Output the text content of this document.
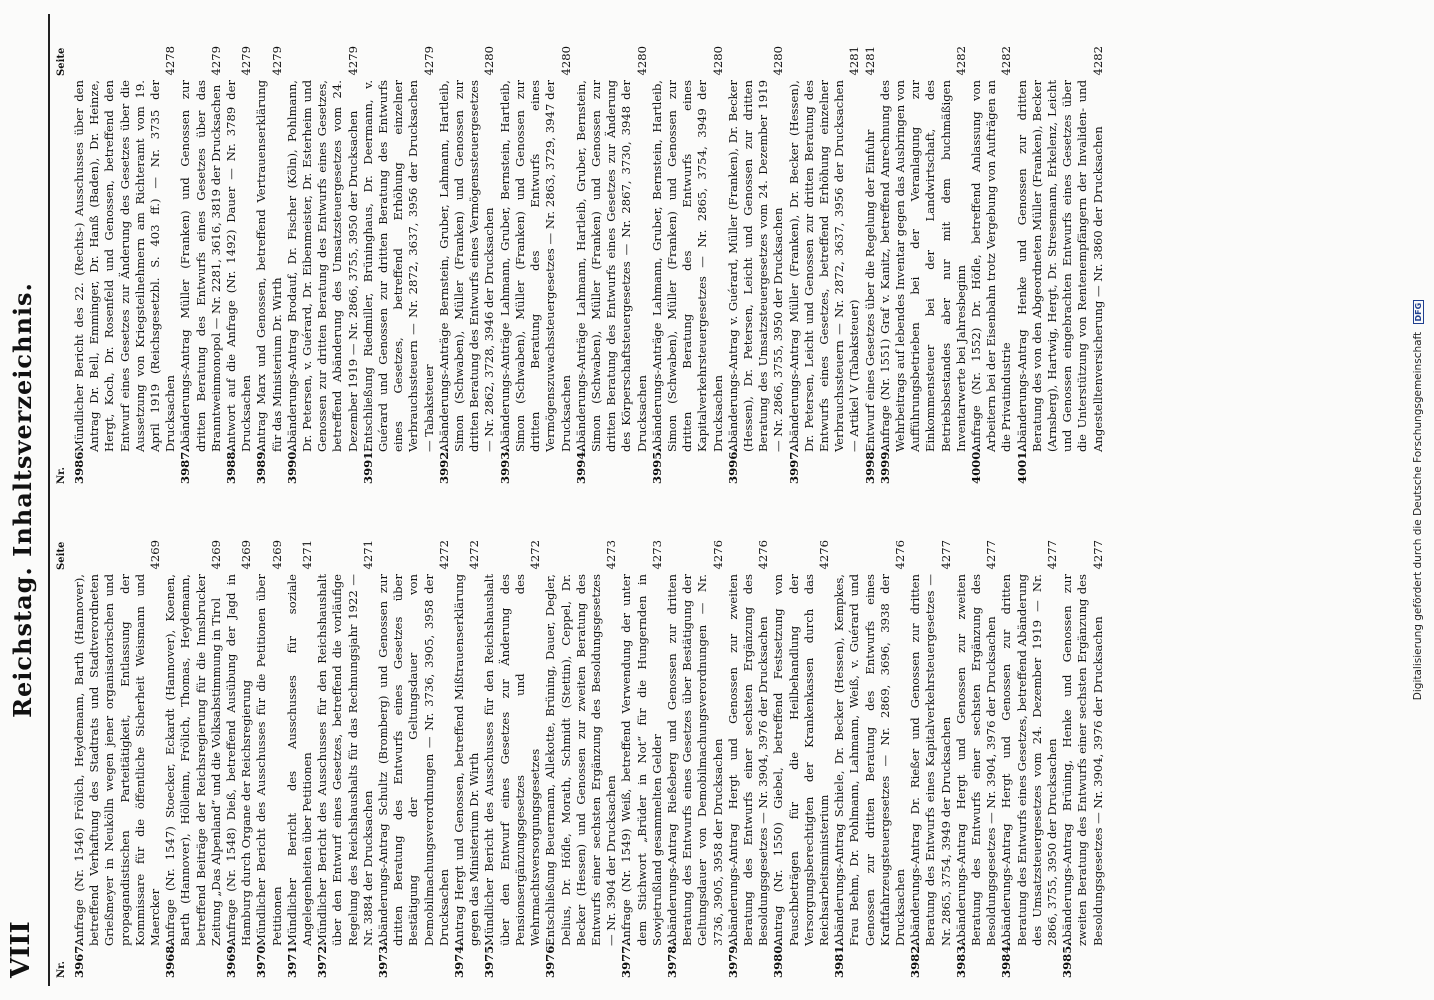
VIII
Reichstag. Inhaltsverzeichnis.
Nr.
Seite
Nr.
Seite
3967.
Anfrage (Nr. 1546) Frölich, Heydemann, Barth (Hannover), betreffend Verhaftung des Stadtrats und Stadtverordneten Grießmeyer in Neukölln wegen jener organisatorischen und propagandistischen Parteitätigkeit, Entlassung der Kommissare für die öffentliche Sicherheit Weismann und Maercker
4269
3968.
Anfrage (Nr. 1547) Stoecker, Eckardt (Hannover), Koenen, Barth (Hannover), Hölleinn, Frölich, Thomas, Heydemann, betreffend Beiträge der Reichsregierung für die Innsbrucker Zeitung „Das Alpenland“ und die Volksabstimmung in Tirol
4269
3969.
Anfrage (Nr. 1548) Dieß, betreffend Ausübung der Jagd in Hamburg durch Organe der Reichsregierung
4269
3970.
Mündlicher Bericht des Ausschusses für die Petitionen über Petitionen
4269
3971.
Mündlicher Bericht des Ausschusses für soziale Angelegenheiten über Petitionen
4271
3972.
Mündlicher Bericht des Ausschusses für den Reichshaushalt über den Entwurf eines Gesetzes, betreffend die vorläufige Regelung des Reichshaushalts für das Rechnungsjahr 1922 — Nr. 3884 der Drucksachen
4271
3973.
Abänderungs-Antrag Schultz (Bromberg) und Genossen zur dritten Beratung des Entwurfs eines Gesetzes über Bestätigung der Geltungsdauer von Demobilmachungsverordnungen — Nr. 3736, 3905, 3958 der Drucksachen
4272
3974.
Antrag Hergt und Genossen, betreffend Mißtrauenserklärung gegen das Ministerium Dr. Wirth
4272
3975.
Mündlicher Bericht des Ausschusses für den Reichshaushalt über den Entwurf eines Gesetzes zur Änderung des Pensionsergänzungsgesetzes und des Wehrmachtsversorgungsgesetzes
4272
3976.
Entschließung Beuermann, Allekotte, Brüning, Dauer, Degler, Delius, Dr. Höfle, Morath, Schmidt (Stettin), Ceppel, Dr. Becker (Hessen) und Genossen zur zweiten Beratung des Entwurfs einer sechsten Ergänzung des Besoldungsgesetzes — Nr. 3904 der Drucksachen
4273
3977.
Anfrage (Nr. 1549) Weiß, betreffend Verwendung der unter dem Stichwort „Brüder in Not“ für die Hungernden in Sowjetrußland gesammelten Gelder
4273
3978.
Abänderungs-Antrag Rießeberg und Genossen zur dritten Beratung des Entwurfs eines Gesetzes über Bestätigung der Geltungsdauer von Demobilmachungsverordnungen — Nr. 3736, 3905, 3958 der Drucksachen
4276
3979.
Abänderungs-Antrag Hergt und Genossen zur zweiten Beratung des Entwurfs einer sechsten Ergänzung des Besoldungsgesetzes — Nr. 3904, 3976 der Drucksachen
4276
3980.
Antrag (Nr. 1550) Giebel, betreffend Festsetzung von Pauschbeträgen für die Heilbehandlung der Versorgungsberechtigten der Krankenkassen durch das Reichsarbeitsministerium
4276
3981.
Abänderungs-Antrag Schiele, Dr. Becker (Hessen), Kempkes, Frau Behm, Dr. Pohlmann, Lahmann, Weiß, v. Guérard und Genossen zur dritten Beratung des Entwurfs eines Kraftfahrzeugsteuergesetzes — Nr. 2869, 3696, 3938 der Drucksachen
4276
3982.
Abänderungs-Antrag Dr. Rießer und Genossen zur dritten Beratung des Entwurfs eines Kapitalverkehrsteuergesetzes — Nr. 2865, 3754, 3949 der Drucksachen
4277
3983.
Abänderungs-Antrag Hergt und Genossen zur zweiten Beratung des Entwurfs einer sechsten Ergänzung des Besoldungsgesetzes — Nr. 3904, 3976 der Drucksachen
4277
3984.
Abänderungs-Antrag Hergt und Genossen zur dritten Beratung des Entwurfs eines Gesetzes, betreffend Abänderung des Umsatzsteuergesetzes vom 24. Dezember 1919 — Nr. 2866, 3755, 3950 der Drucksachen
4277
3985.
Abänderungs-Antrag Brüning, Henke und Genossen zur zweiten Beratung des Entwurfs einer sechsten Ergänzung des Besoldungsgesetzes — Nr. 3904, 3976 der Drucksachen
4277
3986.
Mündlicher Bericht des 22. (Rechts-) Ausschusses über den Antrag Dr. Bell, Emminger, Dr. Hanß (Baden), Dr. Heinze, Hergt, Koch, Dr. Rosenfeld und Genossen, betreffend den Entwurf eines Gesetzes zur Änderung des Gesetzes über die Aussetzung von Kriegsteilnehmern am Richteramt vom 19. April 1919 (Reichsgesetzbl. S. 403 ff.) — Nr. 3735 der Drucksachen
4278
3987.
Abänderungs-Antrag Müller (Franken) und Genossen zur dritten Beratung des Entwurfs eines Gesetzes über das Branntweinmonopol — Nr. 2281, 3616, 3819 der Drucksachen
4279
3988.
Antwort auf die Anfrage (Nr. 1492) Dauer — Nr. 3789 der Drucksachen
4279
3989.
Antrag Marx und Genossen, betreffend Vertrauenserklärung für das Ministerium Dr. Wirth
4279
3990.
Abänderungs-Antrag Brodauf, Dr. Fischer (Köln), Pohlmann, Dr. Petersen, v. Guérard, Dr. Eibenmeister, Dr. Esterheim und Genossen zur dritten Beratung des Entwurfs eines Gesetzes, betreffend Abänderung des Umsatzsteuergesetzes vom 24. Dezember 1919 — Nr. 2866, 3755, 3950 der Drucksachen
4279
3991.
Entschließung Riedmiller, Brüninghaus, Dr. Deermann, v. Guérard und Genossen zur dritten Beratung des Entwurfs eines Gesetzes, betreffend Erhöhung einzelner Verbrauchssteuern — Nr. 2872, 3637, 3956 der Drucksachen — Tabaksteuer
4279
3992.
Abänderungs-Anträge Bernstein, Gruber, Lahmann, Hartleib, Simon (Schwaben), Müller (Franken) und Genossen zur dritten Beratung des Entwurfs eines Vermögenssteuergesetzes — Nr. 2862, 3728, 3946 der Drucksachen
4280
3993.
Abänderungs-Anträge Lahmann, Gruber, Bernstein, Hartleib, Simon (Schwaben), Müller (Franken) und Genossen zur dritten Beratung des Entwurfs eines Vermögenszuwachssteuergesetzes — Nr. 2863, 3729, 3947 der Drucksachen
4280
3994.
Abänderungs-Anträge Lahmann, Hartleib, Gruber, Bernstein, Simon (Schwaben), Müller (Franken) und Genossen zur dritten Beratung des Entwurfs eines Gesetzes zur Änderung des Körperschaftsteuergesetzes — Nr. 2867, 3730, 3948 der Drucksachen
4280
3995.
Abänderungs-Anträge Lahmann, Gruber, Bernstein, Hartleib, Simon (Schwaben), Müller (Franken) und Genossen zur dritten Beratung des Entwurfs eines Kapitalverkehrsteuergesetzes — Nr. 2865, 3754, 3949 der Drucksachen
4280
3996.
Abänderungs-Antrag v. Guérard, Müller (Franken), Dr. Becker (Hessen), Dr. Petersen, Leicht und Genossen zur dritten Beratung des Umsatzsteuergesetzes vom 24. Dezember 1919 — Nr. 2866, 3755, 3950 der Drucksachen
4280
3997.
Abänderungs-Antrag Müller (Franken), Dr. Becker (Hessen), Dr. Petersen, Leicht und Genossen zur dritten Beratung des Entwurfs eines Gesetzes, betreffend Erhöhung einzelner Verbrauchssteuern — Nr. 2872, 3637, 3956 der Drucksachen — Artikel V (Tabaksteuer)
4281
3998.
Entwurf eines Gesetzes über die Regelung der Einfuhr
4281
3999.
Anfrage (Nr. 1551) Graf v. Kanitz, betreffend Anrechnung des Wehrbeitrags auf lebendes Inventar gegen das Ausbringen von Aufführungsbetrieben bei der Veranlagung zur Einkommensteuer bei der Landwirtschaft, des Betriebsbestandes aber nur mit dem buchmäßigen Inventarwerte bei Jahresbeginn
4282
4000.
Anfrage (Nr. 1552) Dr. Höfle, betreffend Anlassung von Arbeitern bei der Eisenbahn trotz Vergebung von Aufträgen an die Privatindustrie
4282
4001.
Abänderungs-Antrag Henke und Genossen zur dritten Beratung des von den Abgeordneten Müller (Franken), Becker (Arnsberg), Hartwig, Hergt, Dr. Stresemann, Erkelenz, Leicht und Genossen eingebrachten Entwurfs eines Gesetzes über die Unterstützung von Rentenempfängern der Invaliden- und Angestelltenversicherung — Nr. 3860 der Drucksachen
4282
Digitalisierung gefördert durch die Deutsche Forschungsgemeinschaft DFG
